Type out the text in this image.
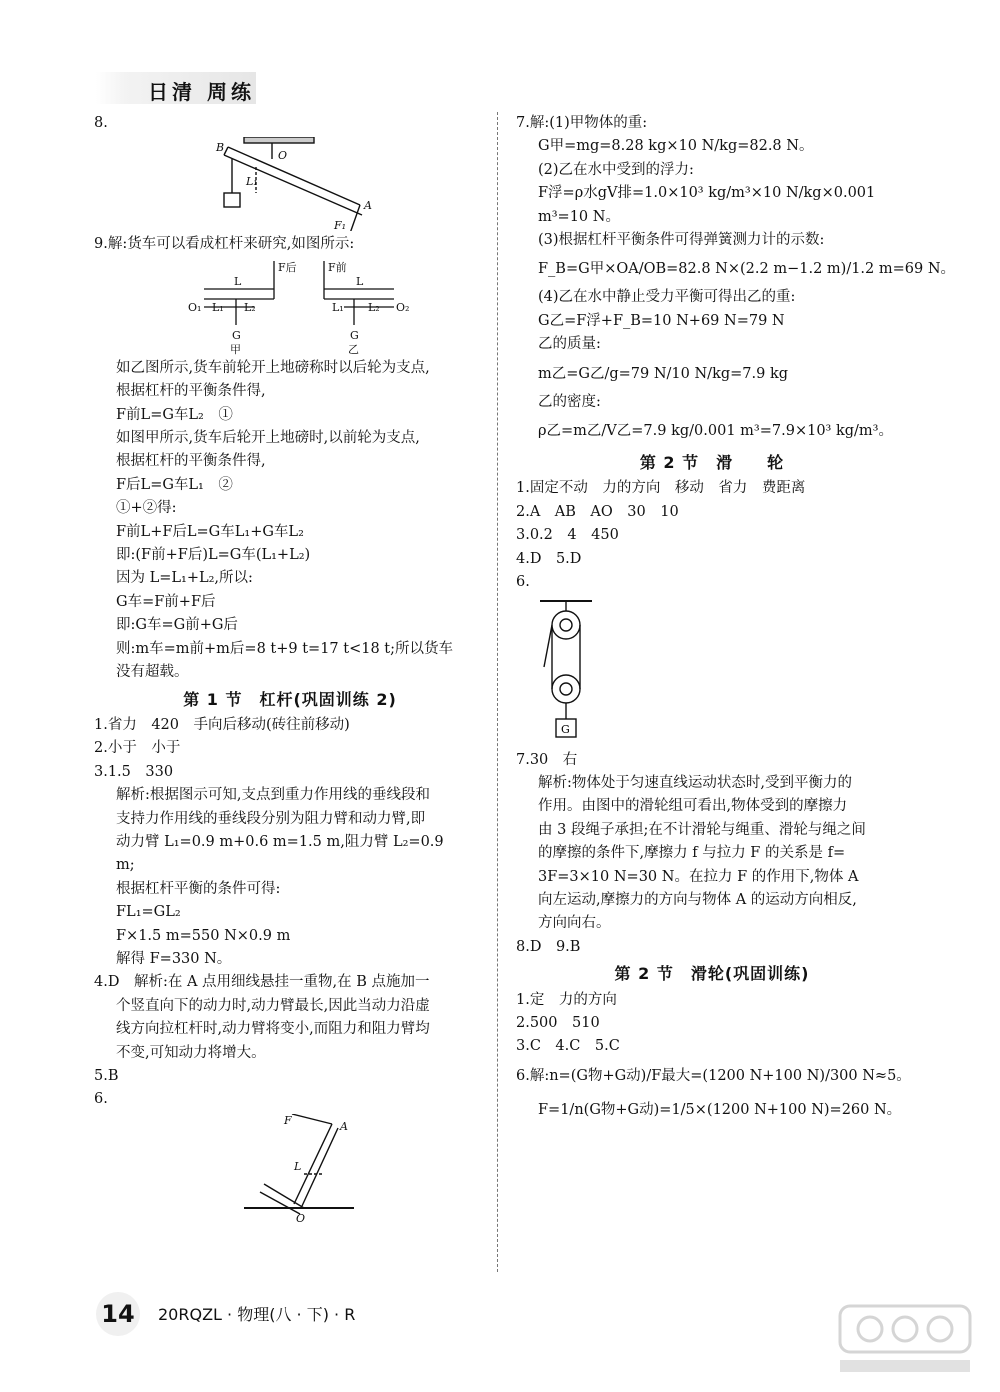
日清 周练
8.
B
O
L₁
A
F₁
9.解:货车可以看成杠杆来研究,如图所示:
F后
L
O₁ L₁ L₂
G
甲
F前
L
L₁ L₂ O₂
G
乙
如乙图所示,货车前轮开上地磅称时以后轮为支点,
根据杠杆的平衡条件得,
F前L=G车L₂　①
如图甲所示,货车后轮开上地磅时,以前轮为支点,
根据杠杆的平衡条件得,
F后L=G车L₁　②
①+②得:
F前L+F后L=G车L₁+G车L₂
即:(F前+F后)L=G车(L₁+L₂)
因为 L=L₁+L₂,所以:
G车=F前+F后
即:G车=G前+G后
则:m车=m前+m后=8 t+9 t=17 t<18 t;所以货车
没有超载。
第 1 节　杠杆(巩固训练 2)
1.省力　420　手向后移动(砖往前移动)
2.小于　小于
3.1.5　330
解析:根据图示可知,支点到重力作用线的垂线段和
支持力作用线的垂线段分别为阻力臂和动力臂,即
动力臂 L₁=0.9 m+0.6 m=1.5 m,阻力臂 L₂=0.9
m;
根据杠杆平衡的条件可得:
FL₁=GL₂
F×1.5 m=550 N×0.9 m
解得 F=330 N。
4.D　解析:在 A 点用细线悬挂一重物,在 B 点施加一
个竖直向下的动力时,动力臂最长,因此当动力沿虚
线方向拉杠杆时,动力臂将变小,而阻力和阻力臂均
不变,可知动力将增大。
5.B
6.
F	A
L
O
7.解:(1)甲物体的重:
G甲=mg=8.28 kg×10 N/kg=82.8 N。
(2)乙在水中受到的浮力:
F浮=ρ水gV排=1.0×10³ kg/m³×10 N/kg×0.001
m³=10 N。
(3)根据杠杆平衡条件可得弹簧测力计的示数:
F_B=G甲×OA/OB=82.8 N×(2.2 m−1.2 m)/1.2 m=69 N。
(4)乙在水中静止受力平衡可得出乙的重:
G乙=F浮+F_B=10 N+69 N=79 N
乙的质量:
m乙=G乙/g=79 N/10 N/kg=7.9 kg
乙的密度:
ρ乙=m乙/V乙=7.9 kg/0.001 m³=7.9×10³ kg/m³。
第 2 节　滑　　轮
1.固定不动　力的方向　移动　省力　费距离
2.A　AB　AO　30　10
3.0.2　4　450
4.D　5.D
6.
G
7.30　右
解析:物体处于匀速直线运动状态时,受到平衡力的
作用。由图中的滑轮组可看出,物体受到的摩擦力
由 3 段绳子承担;在不计滑轮与绳重、滑轮与绳之间
的摩擦的条件下,摩擦力 f 与拉力 F 的关系是 f=
3F=3×10 N=30 N。在拉力 F 的作用下,物体 A
向左运动,摩擦力的方向与物体 A 的运动方向相反,
方向向右。
8.D　9.B
第 2 节　滑轮(巩固训练)
1.定　力的方向
2.500　510
3.C　4.C　5.C
6.解:n=(G物+G动)/F最大=(1200 N+100 N)/300 N≈5。
F=1/n(G物+G动)=1/5×(1200 N+100 N)=260 N。
14	20RQZL · 物理(八 · 下) · R
